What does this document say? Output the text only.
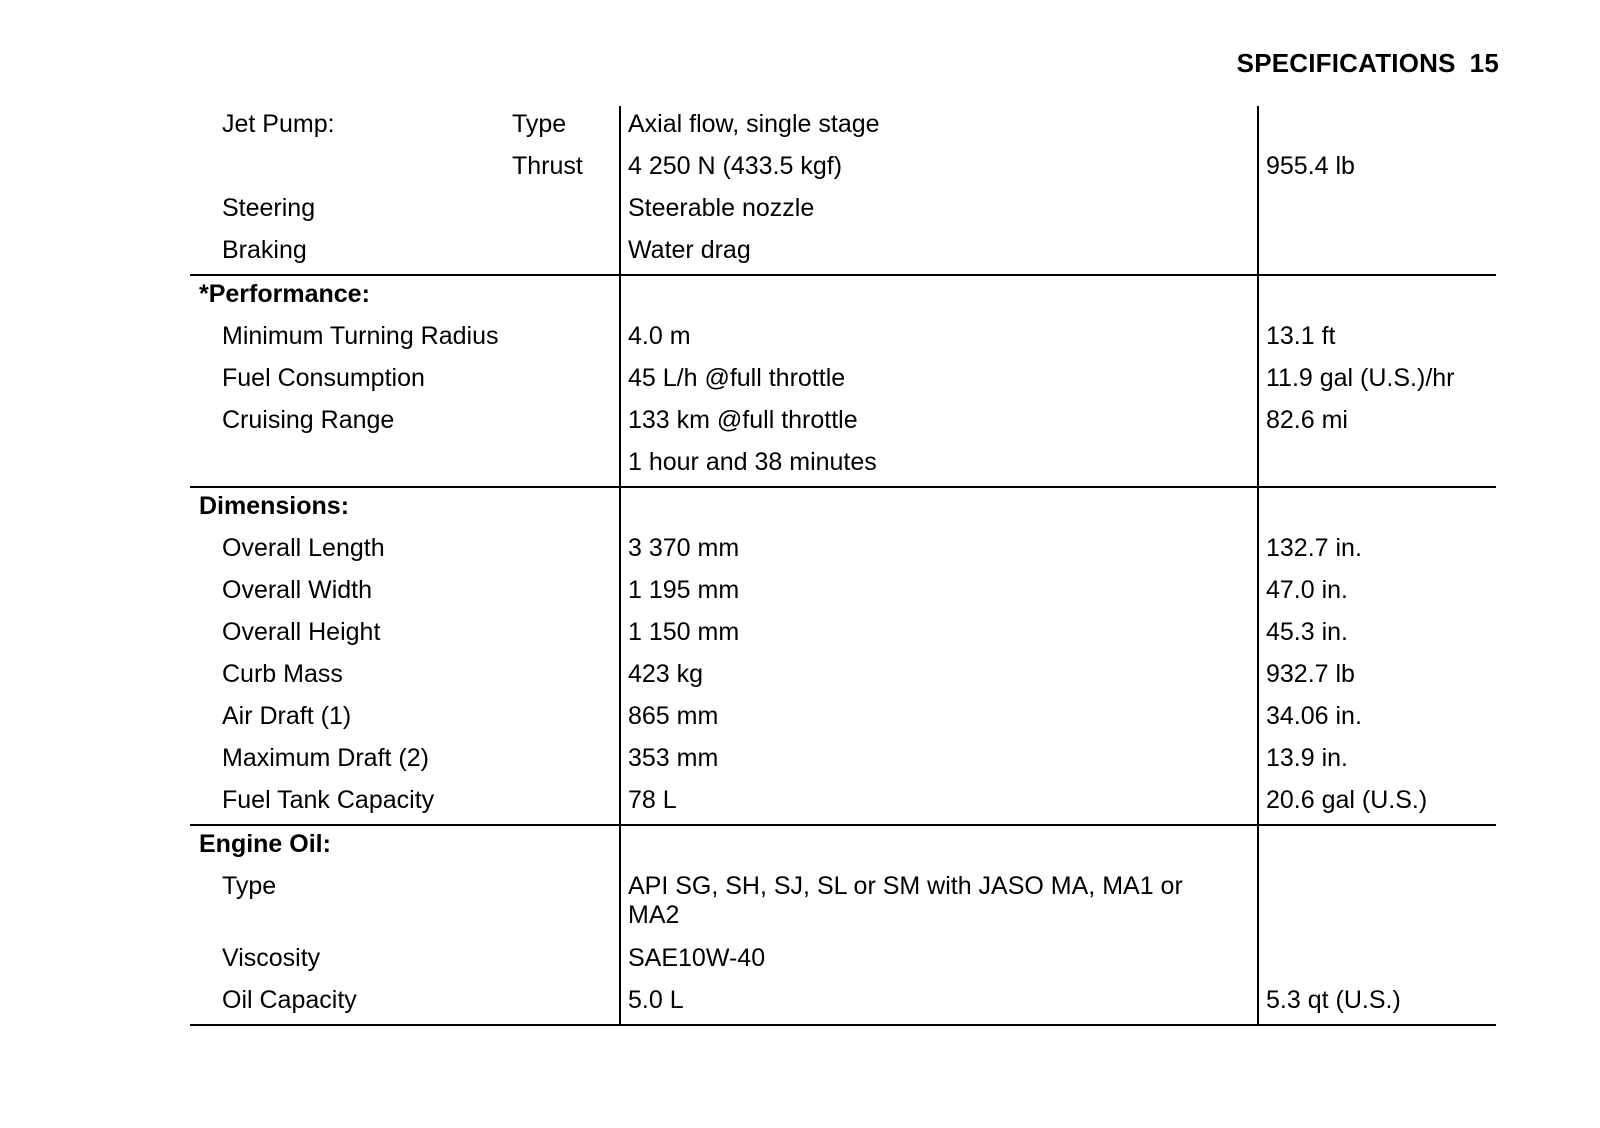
SPECIFICATIONS 15
Jet Pump:	Type Axial flow, single stage
Thrust 4 250 N (433.5 kgf)	955.4 lb
Steering	Steerable nozzle
Braking	Water drag
*Performance:
Minimum Turning Radius	4.0 m	13.1 ft
Fuel Consumption	45 L/h @full throttle	11.9 gal (U.S.)/hr
Cruising Range	133 km @full throttle	82.6 mi
1 hour and 38 minutes
Dimensions:
Overall Length	3 370 mm	132.7 in.
Overall Width	1 195 mm	47.0 in.
Overall Height	1 150 mm	45.3 in.
Curb Mass	423 kg	932.7 lb
Air Draft (1)	865 mm	34.06 in.
Maximum Draft (2)	353 mm	13.9 in.
Fuel Tank Capacity	78 L	20.6 gal (U.S.)
Engine Oil:
Type	API SG, SH, SJ, SL or SM with JASO MA, MA1 or MA2
Viscosity	SAE10W-40
Oil Capacity	5.0 L	5.3 qt (U.S.)
